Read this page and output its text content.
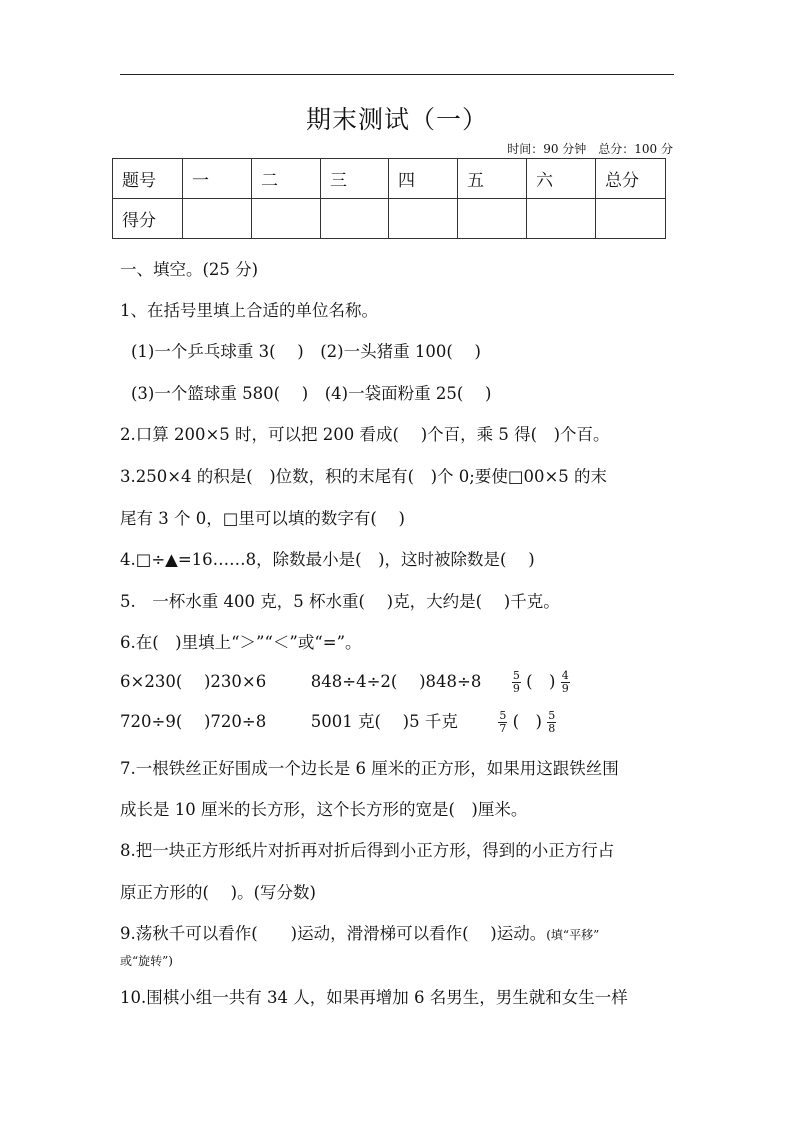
期末测试（一）
时间：90 分钟　总分：100 分
题号	一	二	三	四	五	六	总分
得分							
一、填空。(25 分)
1、在括号里填上合适的单位名称。
(1)一个乒乓球重 3(　 )　(2)一头猪重 100(　 )
(3)一个篮球重 580(　 )　(4)一袋面粉重 25(　 )
2.口算 200×5 时，可以把 200 看成(　 )个百，乘 5 得(　)个百。
3.250×4 的积是(　)位数，积的末尾有(　)个 0;要使□00×5 的末
尾有 3 个 0，□里可以填的数字有(　 )
4.□÷▲=16……8，除数最小是(　)，这时被除数是(　 )
5.　一杯水重 400 克，5 杯水重(　 )克，大约是(　 )千克。
6.在(　)里填上“＞”“＜”或“=”。
6×230(　 )230×6	848÷4÷2(　 )848÷8	$\frac{5}{9}$ (　) $\frac{4}{9}$
720÷9(　 )720÷8	5001 克(　 )5 千克	$\frac{5}{7}$ (　) $\frac{5}{8}$
7.一根铁丝正好围成一个边长是 6 厘米的正方形，如果用这跟铁丝围
成长是 10 厘米的长方形，这个长方形的宽是(　)厘米。
8.把一块正方形纸片对折再对折后得到小正方形，得到的小正方行占
原正方形的(　 )。(写分数)
9.荡秋千可以看作(　　)运动，滑滑梯可以看作(　 )运动。(填“平移”
或“旋转”)
10.围棋小组一共有 34 人，如果再增加 6 名男生，男生就和女生一样
